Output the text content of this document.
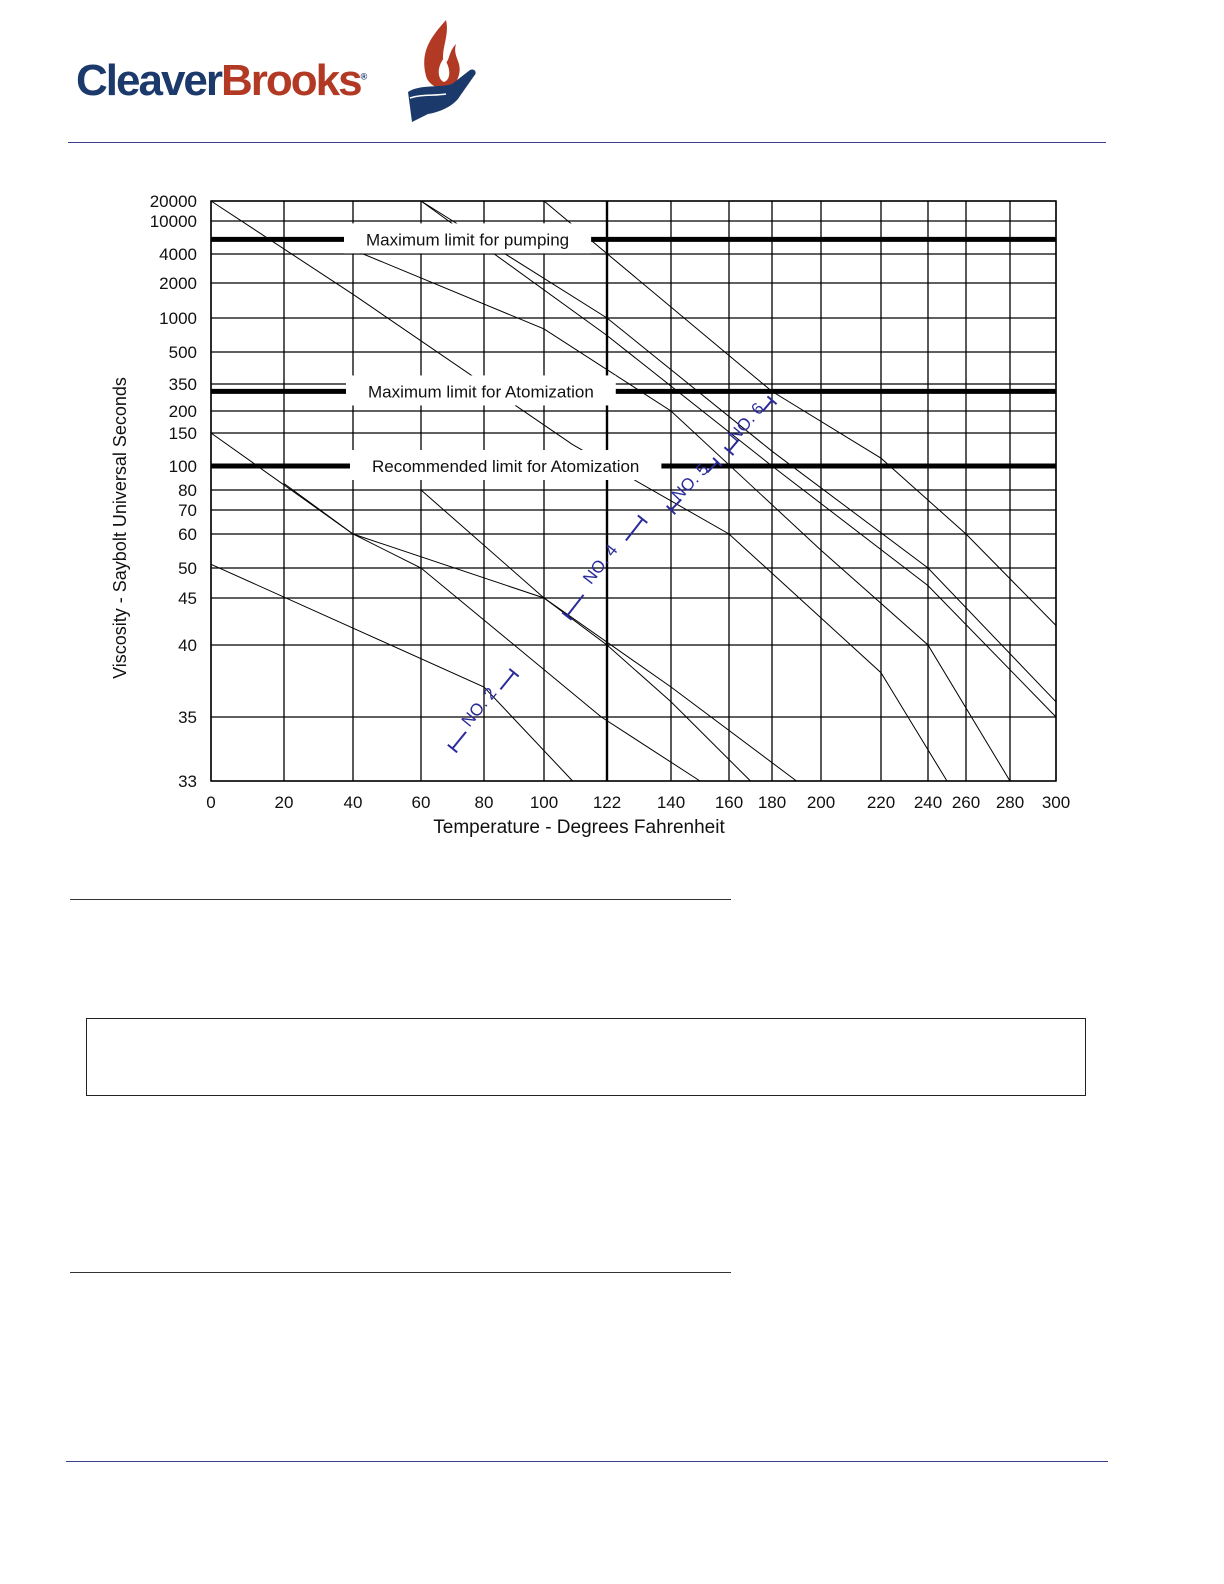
CleaverBrooks®
Maximum limit for pumping
Maximum limit for Atomization
Recommended limit for Atomization
NO. 2
NO. 4
NO. 5
NO. 6
0	20	40	60	80 100 122 140 160 180 200 220 240 260 280 300
33
35
40
45
50
60
70
80
100
150
200
350
500
1000
2000
4000
10000
20000
Temperature - Degrees Fahrenheit
Viscosity - Saybolt Universal Seconds
